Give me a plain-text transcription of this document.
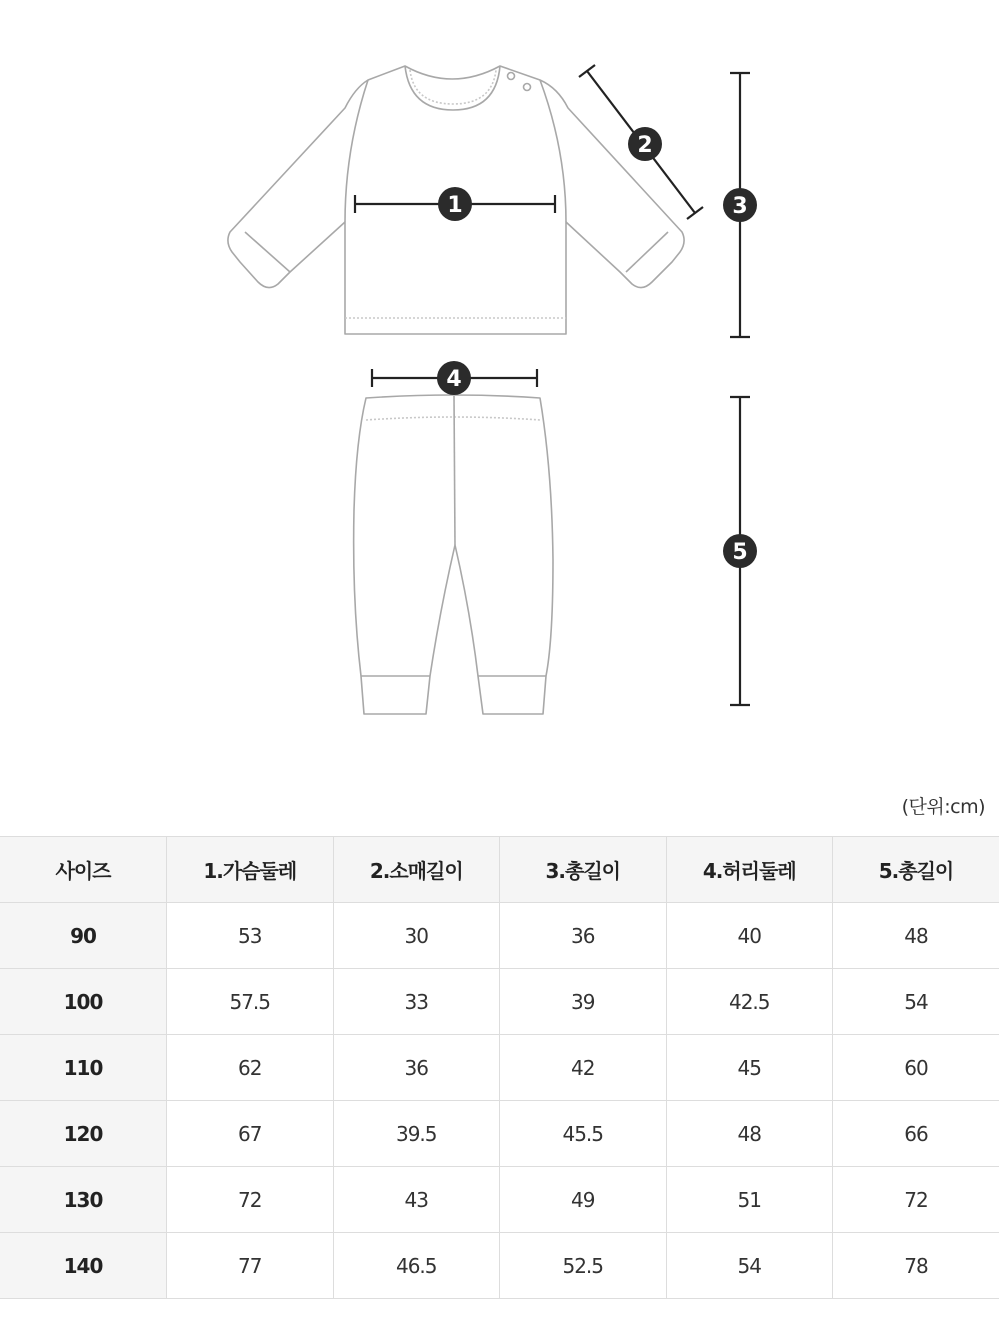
1
2
3
4
5
(단위:cm)
사이즈	1.가슴둘레	2.소매길이	3.총길이	4.허리둘레	5.총길이
90	53	30	36	40	48
100	57.5	33	39	42.5	54
110	62	36	42	45	60
120	67	39.5	45.5	48	66
130	72	43	49	51	72
140	77	46.5	52.5	54	78
